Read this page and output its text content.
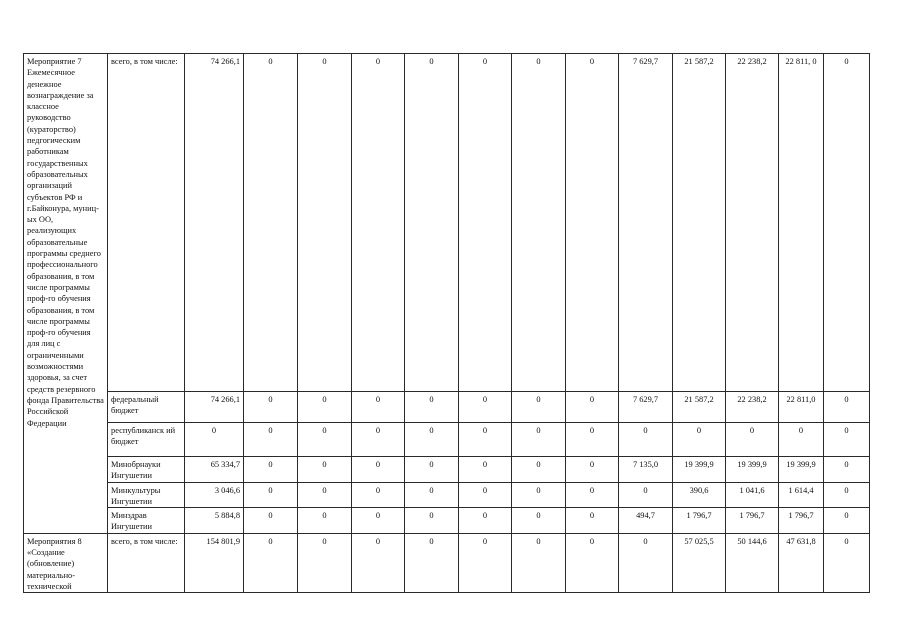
Мероприятие 7 Ежемесячное денежное вознаграждение за классное руководство (кураторство) педгогическим работникам государственных образовательных организаций субъектов РФ и г.Байконура, муниц-ых ОО, реализующих образовательные программы среднего профессионального образования, в том числе программы проф-го обучения образования, в том числе программы проф-го обучения для лиц с ограниченными возможностями здоровья, за счет средств резервного фонда Правительства Российской Федерации	всего, в том числе:	74 266,1	0	0	0	0	0	0	0	7 629,7	21 587,2	22 238,2	22 811, 0	0
	федеральный бюджет	74 266,1	0	0	0	0	0	0	0	7 629,7	21 587,2	22 238,2	22 811,0	0
	республиканск ий бюджет	0	0	0	0	0	0	0	0	0	0	0	0	0
	Минобрнауки Ингушетии	65 334,7	0	0	0	0	0	0	0	7 135,0	19 399,9	19 399,9	19 399,9	0
	Минкультуры Ингушетии	3 046,6	0	0	0	0	0	0	0	0	390,6	1 041,6	1 614,4	0
	Минздрав Ингушетии	5 884,8	0	0	0	0	0	0	0	494,7	1 796,7	1 796,7	1 796,7	0
Мероприятия 8 «Создание (обновление) материально-технической	всего, в том числе:	154 801,9	0	0	0	0	0	0	0	0	57 025,5	50 144,6	47 631,8	0
